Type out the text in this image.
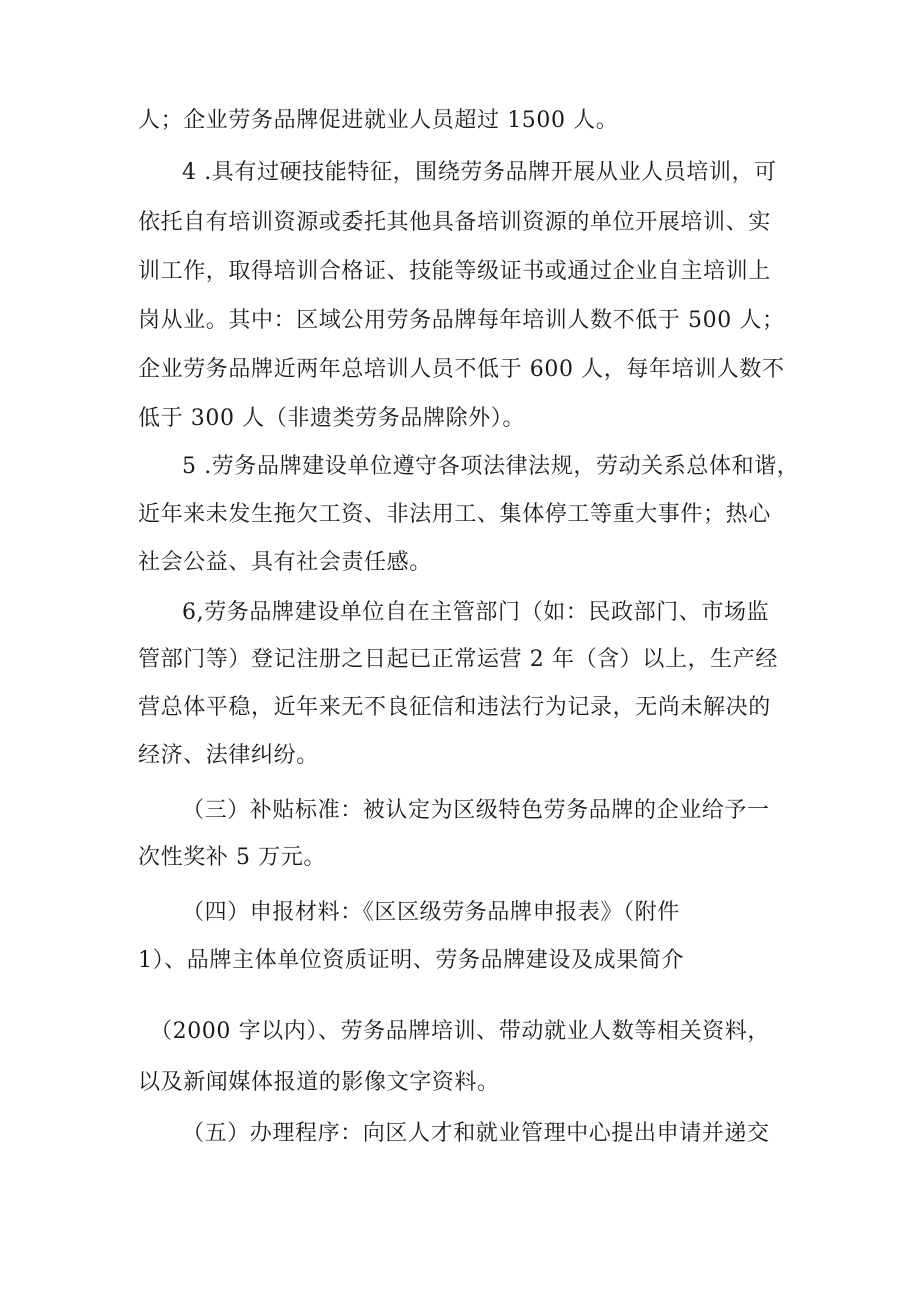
人；企业劳务品牌促进就业人员超过 1500 人。
4 .具有过硬技能特征，围绕劳务品牌开展从业人员培训，可
依托自有培训资源或委托其他具备培训资源的单位开展培训、实
训工作，取得培训合格证、技能等级证书或通过企业自主培训上
岗从业。其中：区域公用劳务品牌每年培训人数不低于 500 人；
企业劳务品牌近两年总培训人员不低于 600 人，每年培训人数不
低于 300 人（非遗类劳务品牌除外）。
5 .劳务品牌建设单位遵守各项法律法规，劳动关系总体和谐，
近年来未发生拖欠工资、非法用工、集体停工等重大事件；热心
社会公益、具有社会责任感。
6,劳务品牌建设单位自在主管部门（如：民政部门、市场监
管部门等）登记注册之日起已正常运营 2 年（含）以上，生产经
营总体平稳，近年来无不良征信和违法行为记录，无尚未解决的
经济、法律纠纷。
（三）补贴标准：被认定为区级特色劳务品牌的企业给予一
次性奖补 5 万元。
（四）申报材料：《区区级劳务品牌申报表》（附件
1）、品牌主体单位资质证明、劳务品牌建设及成果简介
（2000 字以内）、劳务品牌培训、带动就业人数等相关资料，
以及新闻媒体报道的影像文字资料。
（五）办理程序：向区人才和就业管理中心提出申请并递交
